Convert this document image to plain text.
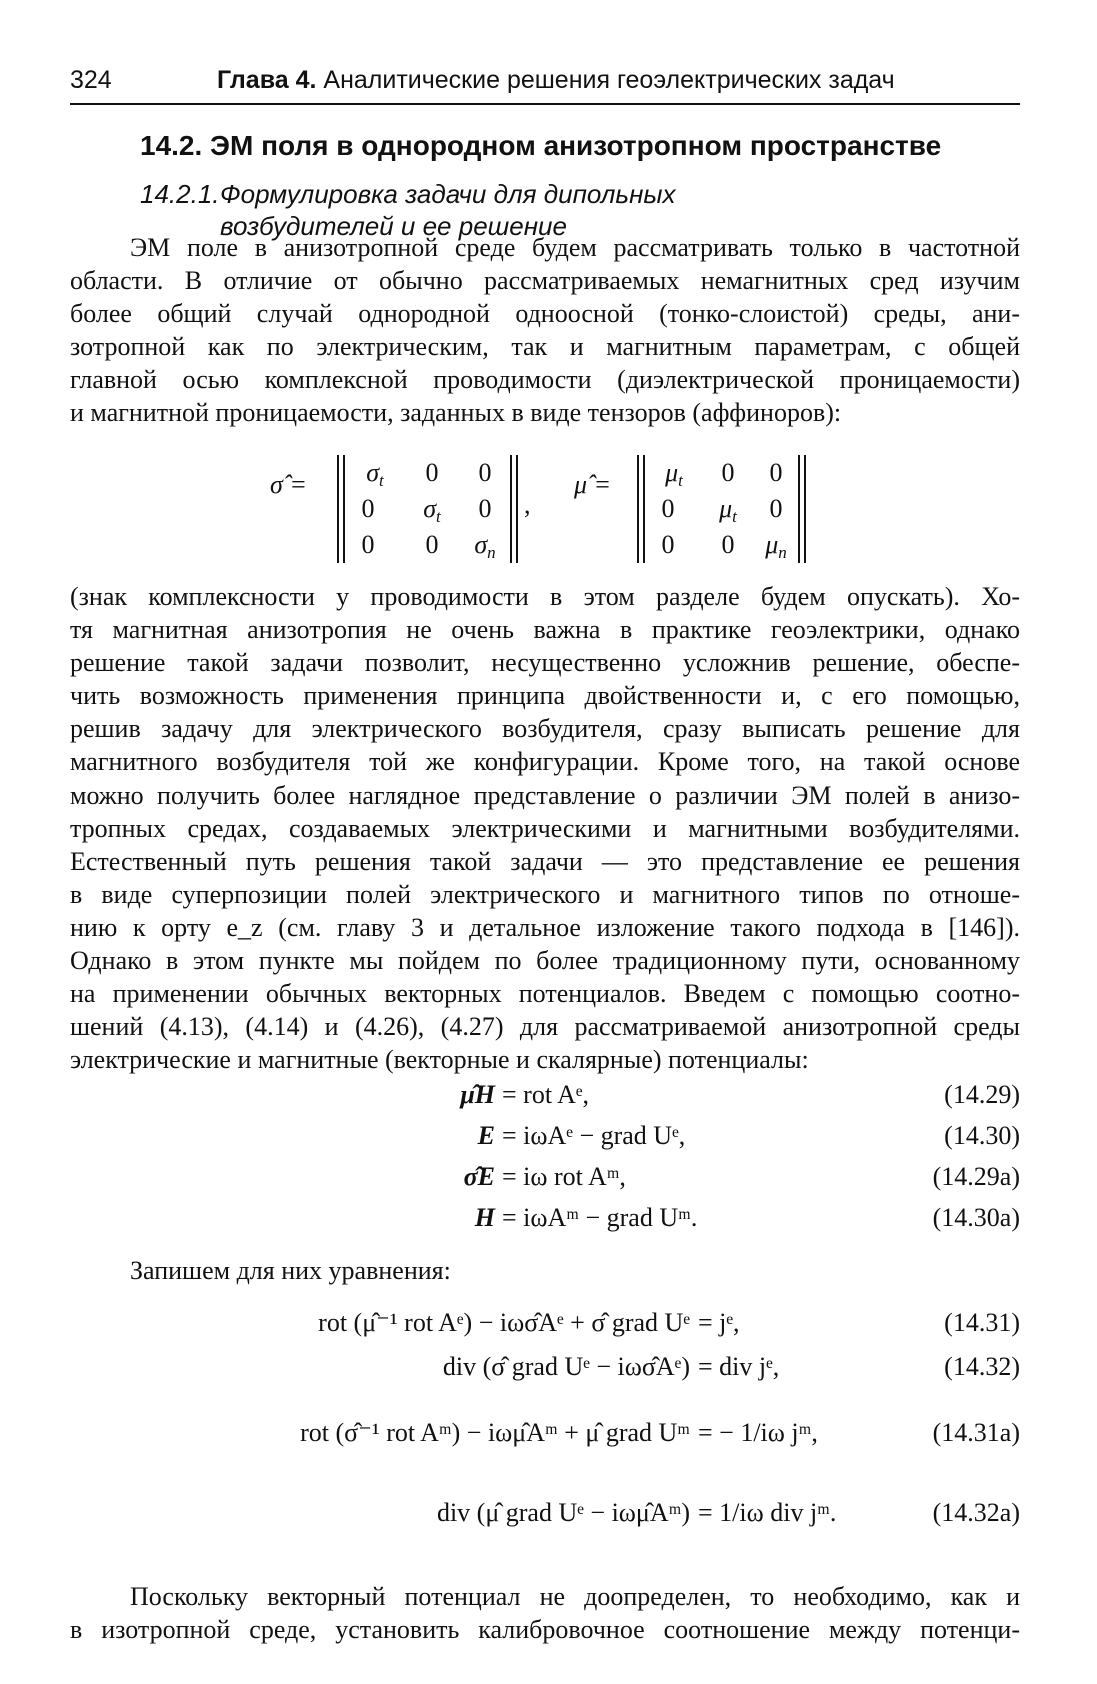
324	Глава 4. Аналитические решения геоэлектрических задач
14.2. ЭМ поля в однородном анизотропном пространстве
14.2.1.Формулировка задачи для дипольных
возбудителей и ее решение
ЭМ поле в анизотропной среде будем рассматривать только в частотной
области. В отличие от обычно рассматриваемых немагнитных сред изучим
более общий случай однородной одноосной (тонко-слоистой) среды, ани-
зотропной как по электрическим, так и магнитным параметрам, с общей
главной осью комплексной проводимости (диэлектрической проницаемости)
и магнитной проницаемости, заданных в виде тензоров (аффиноров):
σ̂ =	$\sigma_t$	0	0
0	$\sigma_t$	0
0	0	$\sigma_n$
,
μ̂ =	$\mu_t$	0	0
0	$\mu_t$	0
0	0	$\mu_n$
(знак комплексности у проводимости в этом разделе будем опускать). Хо-
тя магнитная анизотропия не очень важна в практике геоэлектрики, однако
решение такой задачи позволит, несущественно усложнив решение, обеспе-
чить возможность применения принципа двойственности и, с его помощью,
решив задачу для электрического возбудителя, сразу выписать решение для
магнитного возбудителя той же конфигурации. Кроме того, на такой основе
можно получить более наглядное представление о различии ЭМ полей в анизо-
тропных средах, создаваемых электрическими и магнитными возбудителями.
Естественный путь решения такой задачи — это представление ее решения
в виде суперпозиции полей электрического и магнитного типов по отноше-
нию к орту e_z (см. главу 3 и детальное изложение такого подхода в [146]).
Однако в этом пункте мы пойдем по более традиционному пути, основанному
на применении обычных векторных потенциалов. Введем с помощью соотно-
шений (4.13), (4.14) и (4.26), (4.27) для рассматриваемой анизотропной среды
электрические и магнитные (векторные и скалярные) потенциалы:
μ̂H = rot Aᵉ,	(14.29)
E = iωAᵉ − grad Uᵉ,	(14.30)
σ̂E = iω rot Aᵐ,	(14.29a)
H = iωAᵐ − grad Uᵐ.	(14.30a)
Запишем для них уравнения:
rot (μ̂⁻¹ rot Aᵉ) − iωσ̂Aᵉ + σ̂ grad Uᵉ = jᵉ,	(14.31)
div (σ̂ grad Uᵉ − iωσ̂Aᵉ) = div jᵉ,	(14.32)
rot (σ̂⁻¹ rot Aᵐ) − iωμ̂Aᵐ + μ̂ grad Uᵐ = − 1/iω jᵐ,	(14.31a)
div (μ̂ grad Uᵉ − iωμ̂Aᵐ) = 1/iω div jᵐ.	(14.32a)
Поскольку векторный потенциал не доопределен, то необходимо, как и
в изотропной среде, установить калибровочное соотношение между потенци-
